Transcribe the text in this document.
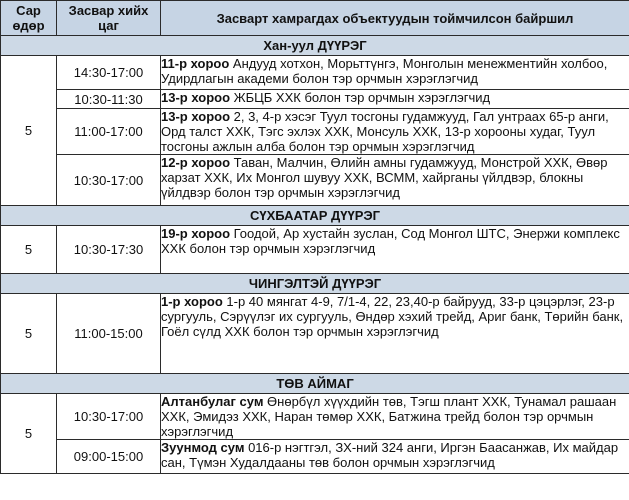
Сар өдөр	Засвар хийх цаг	Засварт хамрагдах объектуудын тоймчилсон байршил
Хан-уул ДҮҮРЭГ		
5	14:30-17:00	11-р хороо Андууд хотхон, Морьттүнгэ, Монголын менежментийн холбоо, Удирдлагын академи болон тэр орчмын хэрэглэгчид
	10:30-11:30	13-р хороо ЖБЦБ ХХК болон тэр орчмын хэрэглэгчид
	11:00-17:00	13-р хороо 2, 3, 4-р хэсэг Туул тосгоны гудамжууд, Гал унтраах 65-р анги, Орд талст ХХК, Тэгс эхлэх ХХК, Монсуль ХХК, 13-р хорооны худаг, Туул тосгоны ажлын алба болон тэр орчмын хэрэглэгчид
	10:30-17:00	12-р хороо Таван, Малчин, Өлийн амны гудамжууд, Монстрой ХХК, Өвөр харзат ХХК, Их Монгол шувуу ХХК, ВСММ, хайрганы үйлдвэр, блокны үйлдвэр болон тэр орчмын хэрэглэгчид
СҮХБААТАР ДҮҮРЭГ		
5	10:30-17:30	19-р хороо Гоодой, Ар хустайн зуслан, Сод Монгол ШТС, Энержи комплекс ХХК болон тэр орчмын хэрэглэгчид
ЧИНГЭЛТЭЙ ДҮҮРЭГ		
5	11:00-15:00	1-р хороо 1-р 40 мянгат 4-9, 7/1-4, 22, 23,40-р байрууд, 33-р цэцэрлэг, 23-р сургууль, Сэрүүлэг их сургууль, Өндөр хэхий трейд, Ариг банк, Төрийн банк, Гоёл сүлд ХХК болон тэр орчмын хэрэглэгчид
ТӨВ АЙМАГ		
5	10:30-17:00	Алтанбулаг сум Өнөрбүл хүүхдийн төв, Тэгш плант ХХК, Тунамал рашаан ХХК, Эмидэз ХХК, Наран төмөр ХХК, Батжина трейд болон тэр орчмын хэрэглэгчид
	09:00-15:00	Зуунмод сум 016-р нэгтгэл, ЗХ-ний 324 анги, Иргэн Баасанжав, Их майдар сан, Түмэн Худалдааны төв болон орчмын хэрэглэгчид
